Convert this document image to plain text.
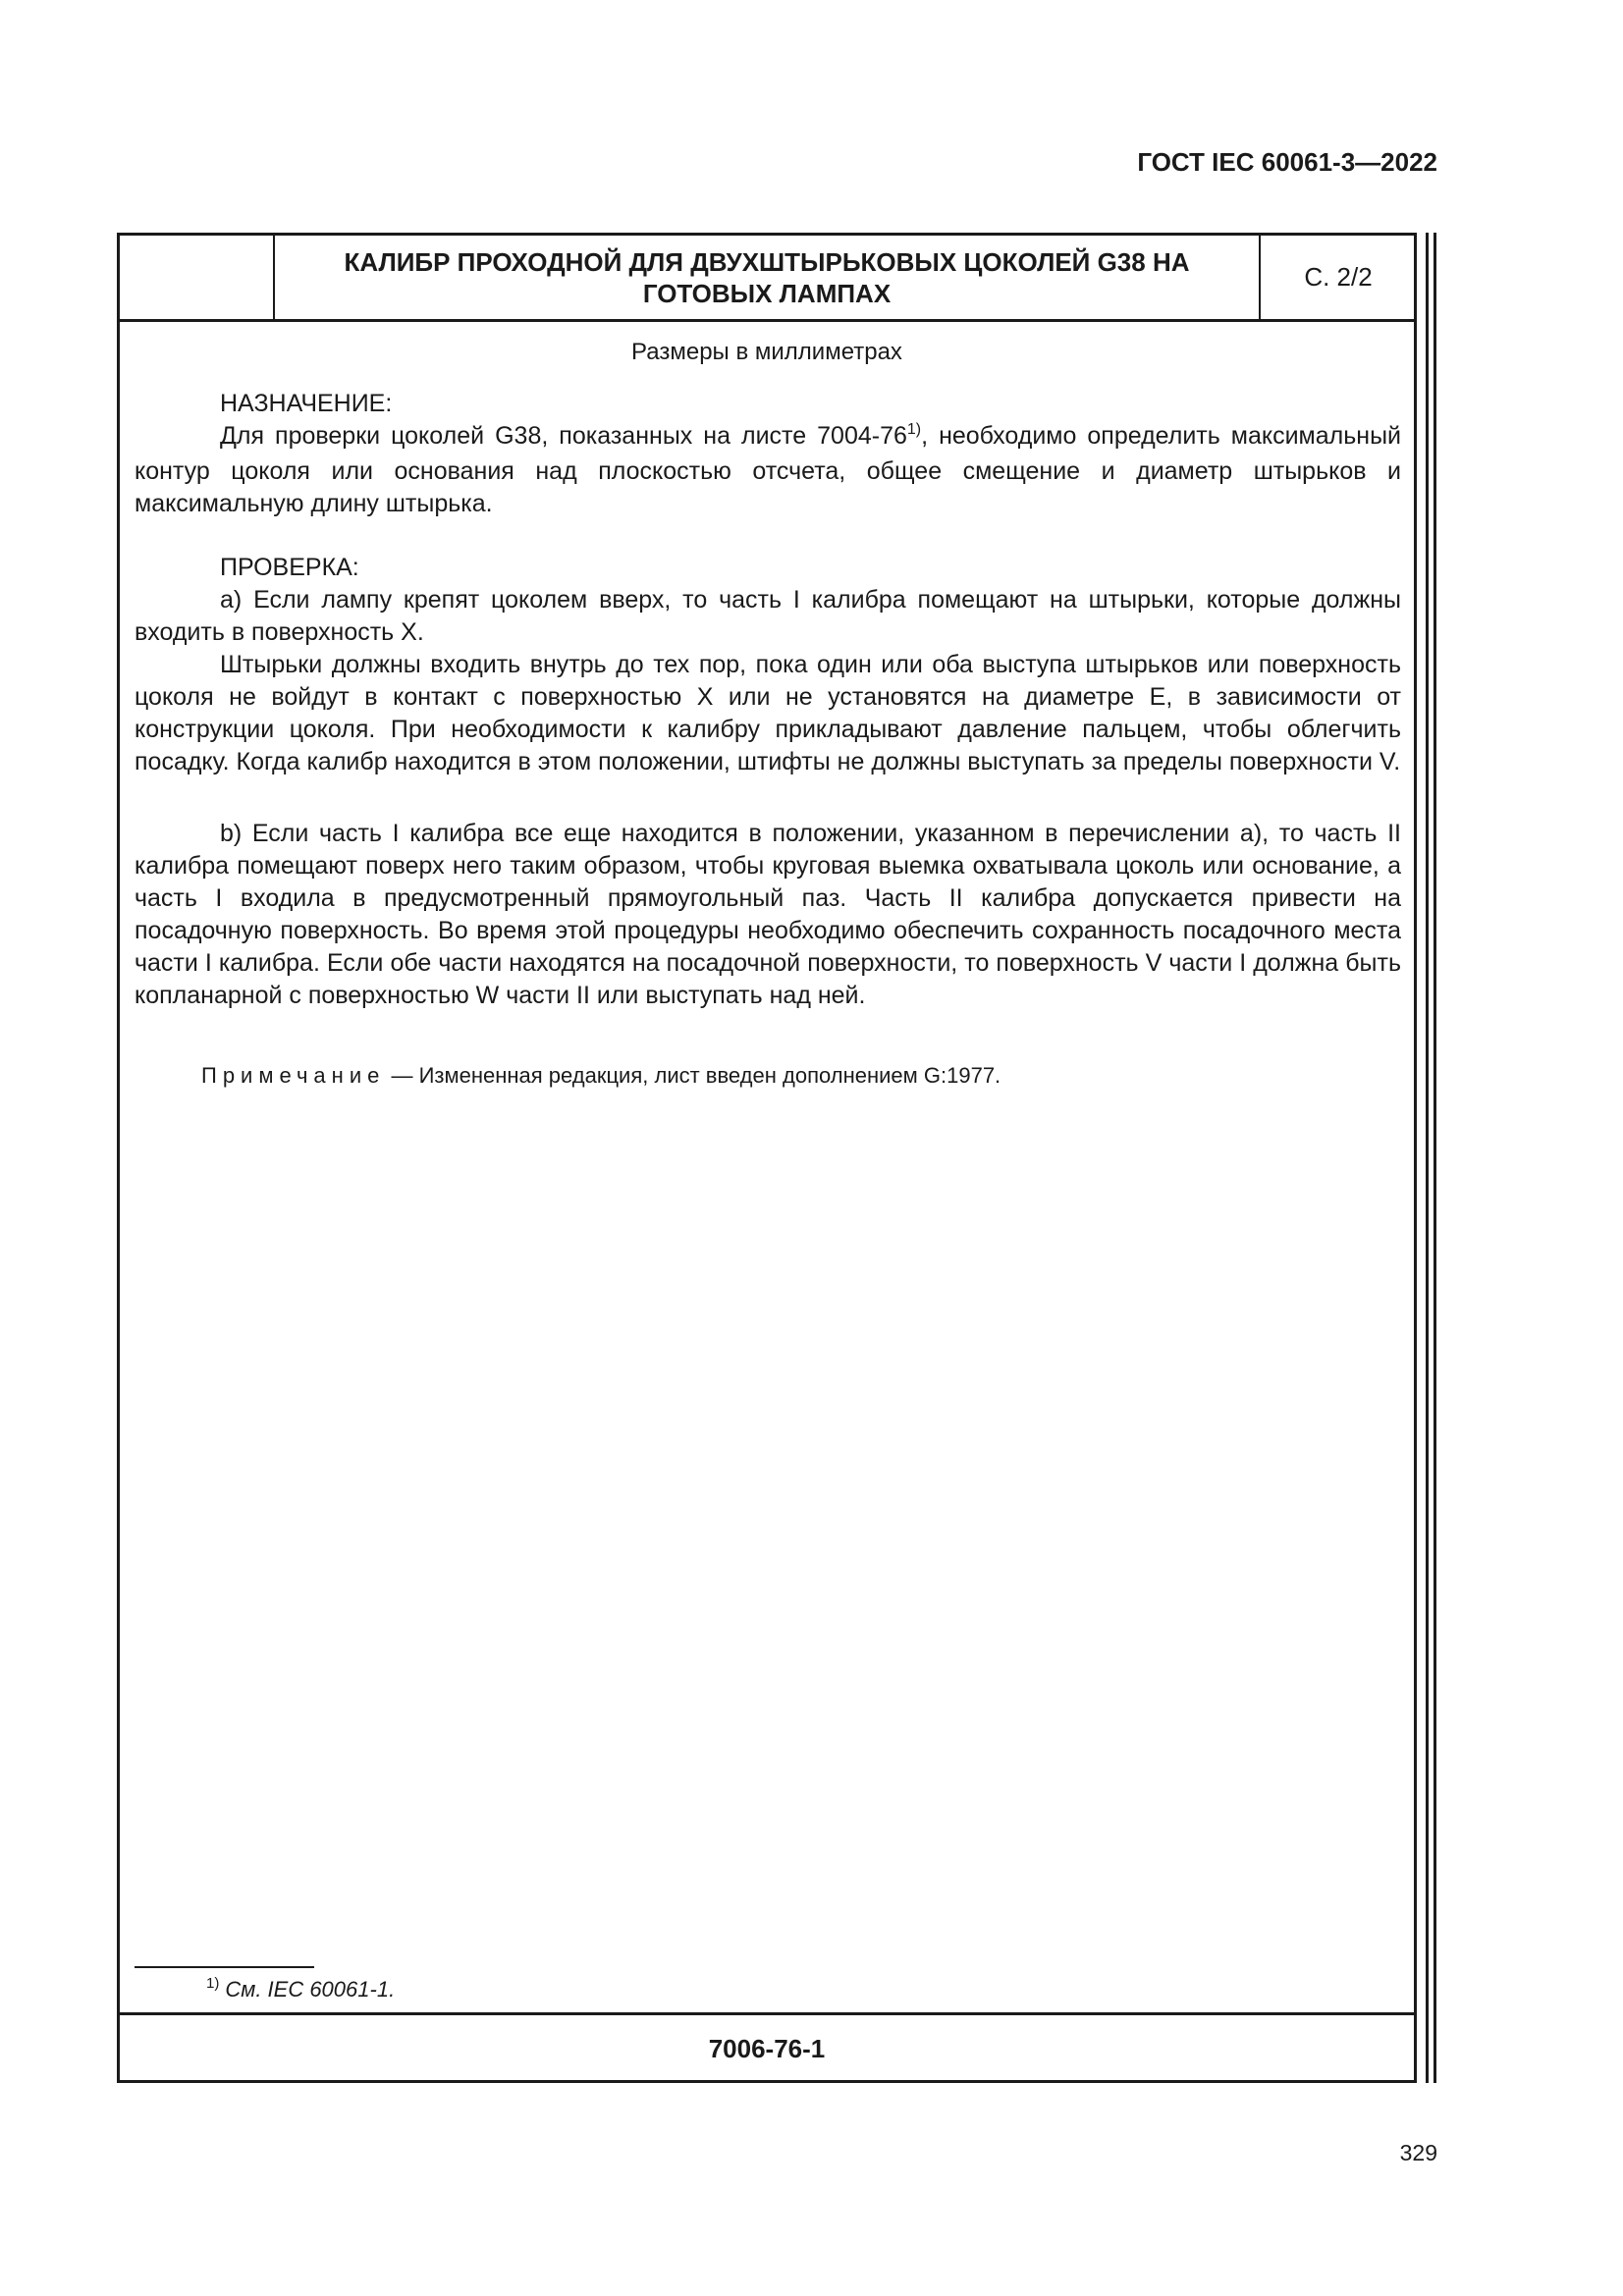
ГОСТ IEC 60061-3—2022
КАЛИБР ПРОХОДНОЙ ДЛЯ ДВУХШТЫРЬКОВЫХ ЦОКОЛЕЙ G38 НА ГОТОВЫХ ЛАМПАХ
С. 2/2
Размеры в миллиметрах

НАЗНАЧЕНИЕ:

Для проверки цоколей G38, показанных на листе 7004-76$^{1)}$, необходимо определить максимальный контур цоколя или основания над плоскостью отсчета, общее смещение и диаметр штырьков и максимальную длину штырька.

ПРОВЕРКА:

а) Если лампу крепят цоколем вверх, то часть I калибра помещают на штырьки, которые должны входить в поверхность X.

Штырьки должны входить внутрь до тех пор, пока один или оба выступа штырьков или поверхность цоколя не войдут в контакт с поверхностью X или не установятся на диаметре E, в зависимости от конструкции цоколя. При необходимости к калибру прикладывают давление пальцем, чтобы облегчить посадку. Когда калибр находится в этом положении, штифты не должны выступать за пределы поверхности V.

b) Если часть I калибра все еще находится в положении, указанном в перечислении а), то часть II калибра помещают поверх него таким образом, чтобы круговая выемка охватывала цоколь или основание, а часть I входила в предусмотренный прямоугольный паз. Часть II калибра допускается привести на посадочную поверхность. Во время этой процедуры необходимо обеспечить сохранность посадочного места части I калибра. Если обе части находятся на посадочной поверхности, то поверхность V части I должна быть копланарной с поверхностью W части II или выступать над ней.

Примечание — Измененная редакция, лист введен дополнением G:1977.
$^{1)}$ См. IEC 60061-1.
7006-76-1
329
